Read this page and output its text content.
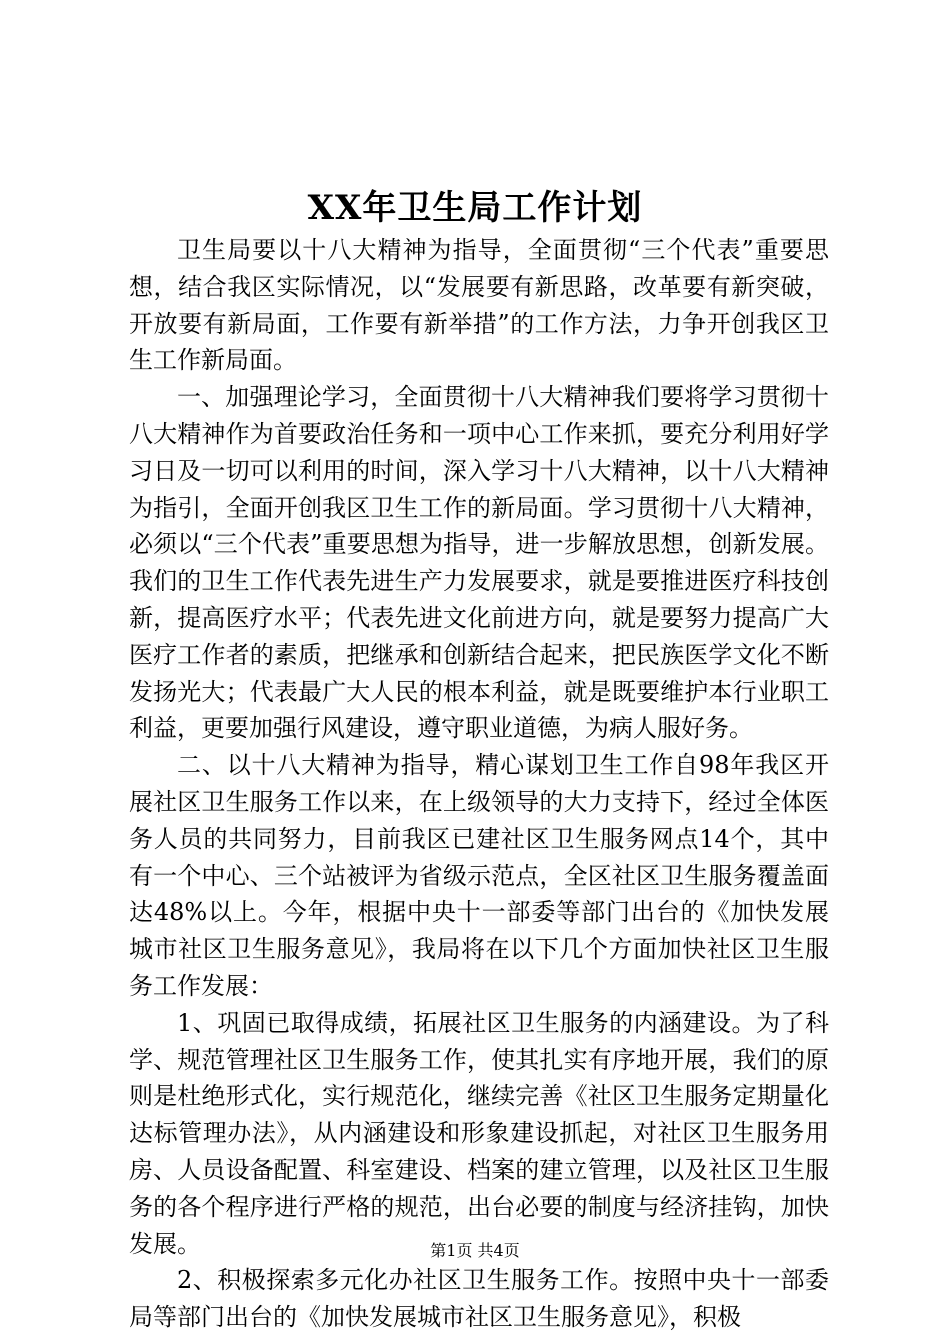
XX年卫生局工作计划

卫生局要以十八大精神为指导，全面贯彻“三个代表”重要思想，结合我区实际情况，以“发展要有新思路，改革要有新突破，开放要有新局面，工作要有新举措”的工作方法，力争开创我区卫生工作新局面。

一、加强理论学习，全面贯彻十八大精神我们要将学习贯彻十八大精神作为首要政治任务和一项中心工作来抓，要充分利用好学习日及一切可以利用的时间，深入学习十八大精神，以十八大精神为指引，全面开创我区卫生工作的新局面。学习贯彻十八大精神，必须以“三个代表”重要思想为指导，进一步解放思想，创新发展。我们的卫生工作代表先进生产力发展要求，就是要推进医疗科技创新，提高医疗水平；代表先进文化前进方向，就是要努力提高广大医疗工作者的素质，把继承和创新结合起来，把民族医学文化不断发扬光大；代表最广大人民的根本利益，就是既要维护本行业职工利益，更要加强行风建设，遵守职业道德，为病人服好务。

二、以十八大精神为指导，精心谋划卫生工作自98年我区开展社区卫生服务工作以来，在上级领导的大力支持下，经过全体医务人员的共同努力，目前我区已建社区卫生服务网点14个，其中有一个中心、三个站被评为省级示范点，全区社区卫生服务覆盖面达48%以上。今年，根据中央十一部委等部门出台的《加快发展城市社区卫生服务意见》，我局将在以下几个方面加快社区卫生服务工作发展：

1、巩固已取得成绩，拓展社区卫生服务的内涵建设。为了科学、规范管理社区卫生服务工作，使其扎实有序地开展，我们的原则是杜绝形式化，实行规范化，继续完善《社区卫生服务定期量化达标管理办法》，从内涵建设和形象建设抓起，对社区卫生服务用房、人员设备配置、科室建设、档案的建立管理，以及社区卫生服务的各个程序进行严格的规范，出台必要的制度与经济挂钩，加快发展。

2、积极探索多元化办社区卫生服务工作。按照中央十一部委局等部门出台的《加快发展城市社区卫生服务意见》，积极

第1页 共4页
